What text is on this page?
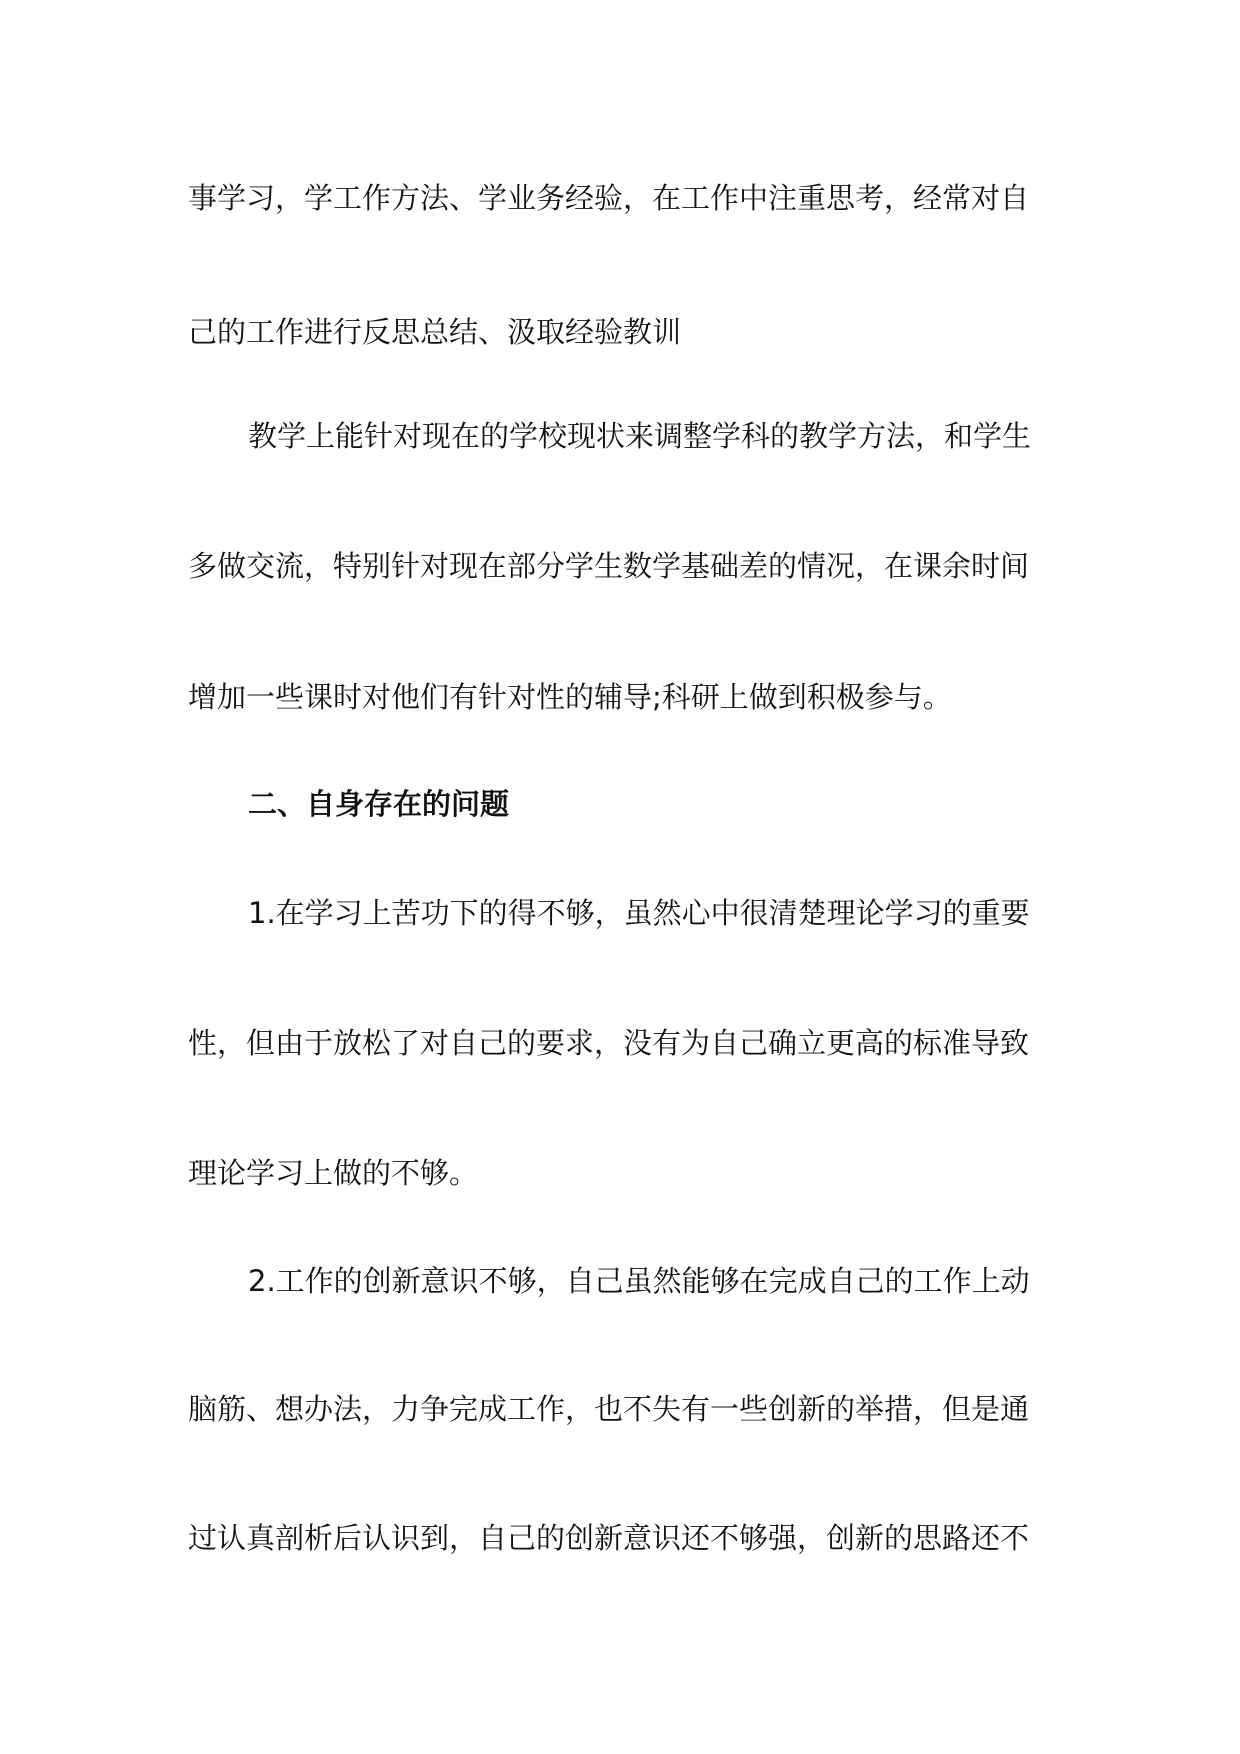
事学习，学工作方法、学业务经验，在工作中注重思考，经常对自
己的工作进行反思总结、汲取经验教训
教学上能针对现在的学校现状来调整学科的教学方法，和学生
多做交流，特别针对现在部分学生数学基础差的情况，在课余时间
增加一些课时对他们有针对性的辅导;科研上做到积极参与。
二、自身存在的问题
1.在学习上苦功下的得不够，虽然心中很清楚理论学习的重要
性，但由于放松了对自己的要求，没有为自己确立更高的标准导致
理论学习上做的不够。
2.工作的创新意识不够，自己虽然能够在完成自己的工作上动
脑筋、想办法，力争完成工作，也不失有一些创新的举措，但是通
过认真剖析后认识到，自己的创新意识还不够强，创新的思路还不
